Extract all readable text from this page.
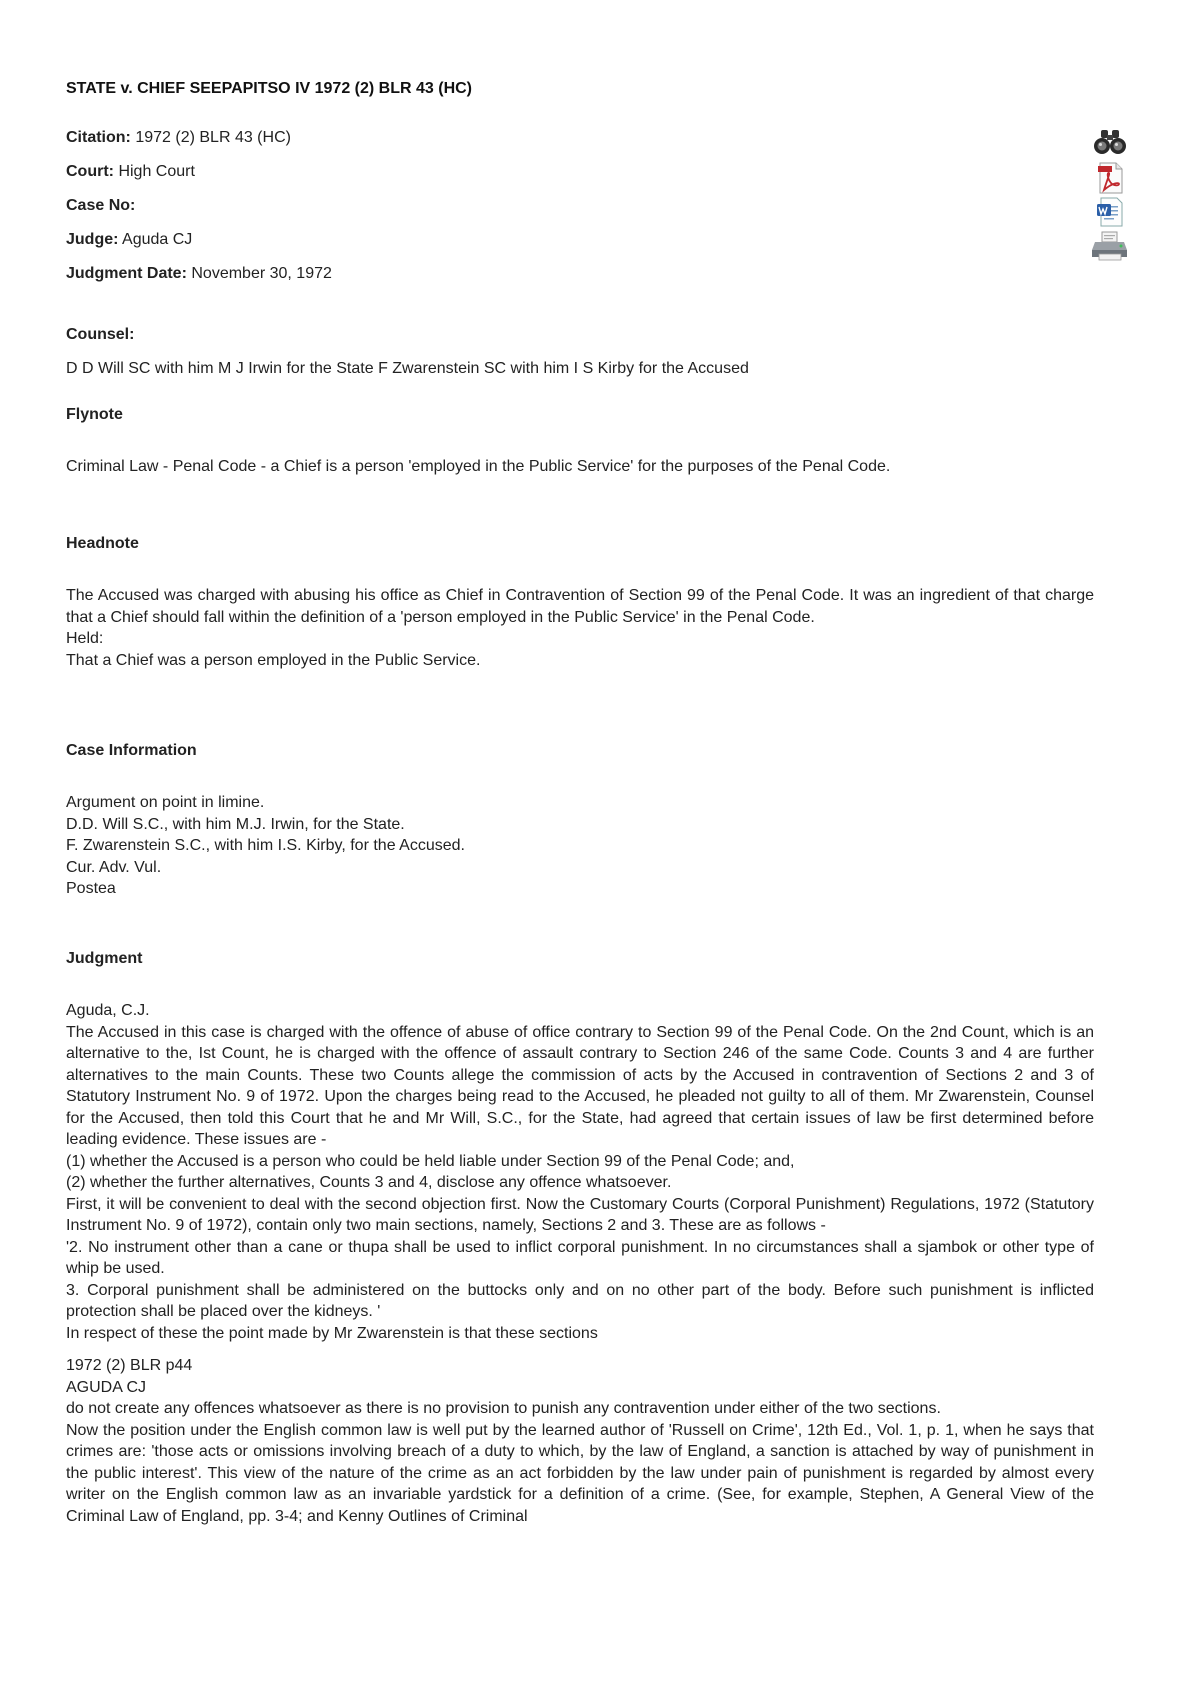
STATE v. CHIEF SEEPAPITSO IV 1972 (2) BLR 43 (HC)
Citation: 1972 (2) BLR 43 (HC)
Court: High Court
Case No:
Judge: Aguda CJ
Judgment Date: November 30, 1972
Counsel:
D D Will SC with him M J Irwin for the State F Zwarenstein SC with him I S Kirby for the Accused
Flynote
Criminal Law - Penal Code - a Chief is a person 'employed in the Public Service' for the purposes of the Penal Code.
Headnote
The Accused was charged with abusing his office as Chief in Contravention of Section 99 of the Penal Code. It was an ingredient of that charge that a Chief should fall within the definition of a 'person employed in the Public Service' in the Penal Code.
Held:
That a Chief was a person employed in the Public Service.
Case Information
Argument on point in limine.
D.D. Will S.C., with him M.J. Irwin, for the State.
F. Zwarenstein S.C., with him I.S. Kirby, for the Accused.
Cur. Adv. Vul.
Postea
Judgment
Aguda, C.J.
The Accused in this case is charged with the offence of abuse of office contrary to Section 99 of the Penal Code. On the 2nd Count, which is an alternative to the, Ist Count, he is charged with the offence of assault contrary to Section 246 of the same Code. Counts 3 and 4 are further alternatives to the main Counts. These two Counts allege the commission of acts by the Accused in contravention of Sections 2 and 3 of Statutory Instrument No. 9 of 1972. Upon the charges being read to the Accused, he pleaded not guilty to all of them. Mr Zwarenstein, Counsel for the Accused, then told this Court that he and Mr Will, S.C., for the State, had agreed that certain issues of law be first determined before leading evidence. These issues are -
(1) whether the Accused is a person who could be held liable under Section 99 of the Penal Code; and,
(2) whether the further alternatives, Counts 3 and 4, disclose any offence whatsoever.
First, it will be convenient to deal with the second objection first. Now the Customary Courts (Corporal Punishment) Regulations, 1972 (Statutory Instrument No. 9 of 1972), contain only two main sections, namely, Sections 2 and 3. These are as follows -
'2. No instrument other than a cane or thupa shall be used to inflict corporal punishment. In no circumstances shall a sjambok or other type of whip be used.
3. Corporal punishment shall be administered on the buttocks only and on no other part of the body. Before such punishment is inflicted protection shall be placed over the kidneys. '
In respect of these the point made by Mr Zwarenstein is that these sections
1972 (2) BLR p44
AGUDA CJ
do not create any offences whatsoever as there is no provision to punish any contravention under either of the two sections.
Now the position under the English common law is well put by the learned author of 'Russell on Crime', 12th Ed., Vol. 1, p. 1, when he says that crimes are: 'those acts or omissions involving breach of a duty to which, by the law of England, a sanction is attached by way of punishment in the public interest'. This view of the nature of the crime as an act forbidden by the law under pain of punishment is regarded by almost every writer on the English common law as an invariable yardstick for a definition of a crime. (See, for example, Stephen, A General View of the Criminal Law of England, pp. 3-4; and Kenny Outlines of Criminal
